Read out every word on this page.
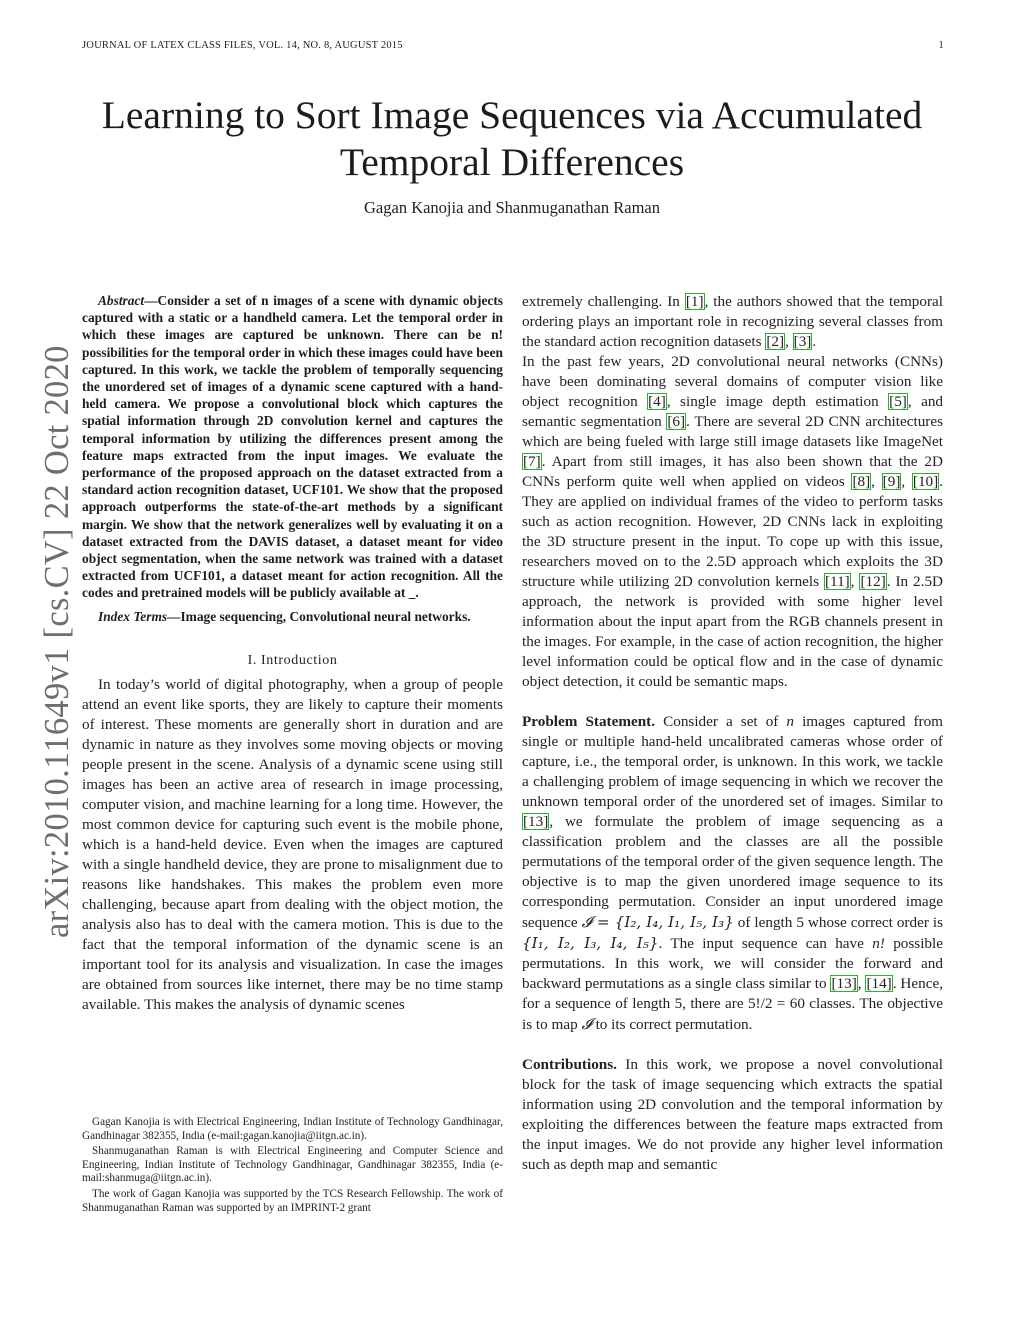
JOURNAL OF LATEX CLASS FILES, VOL. 14, NO. 8, AUGUST 2015	1
Learning to Sort Image Sequences via Accumulated Temporal Differences
Gagan Kanojia and Shanmuganathan Raman
arXiv:2010.11649v1 [cs.CV] 22 Oct 2020

Abstract—Consider a set of n images of a scene with dynamic objects captured with a static or a handheld camera. Let the temporal order in which these images are captured be unknown. There can be n! possibilities for the temporal order in which these images could have been captured. In this work, we tackle the problem of temporally sequencing the unordered set of images of a dynamic scene captured with a hand-held camera. We propose a convolutional block which captures the spatial information through 2D convolution kernel and captures the temporal information by utilizing the differences present among the feature maps extracted from the input images. We evaluate the performance of the proposed approach on the dataset extracted from a standard action recognition dataset, UCF101. We show that the proposed approach outperforms the state-of-the-art methods by a significant margin. We show that the network generalizes well by evaluating it on a dataset extracted from the DAVIS dataset, a dataset meant for video object segmentation, when the same network was trained with a dataset extracted from UCF101, a dataset meant for action recognition. All the codes and pretrained models will be publicly available at _.

Index Terms—Image sequencing, Convolutional neural networks.

I. Introduction

In today’s world of digital photography, when a group of people attend an event like sports, they are likely to capture their moments of interest. These moments are generally short in duration and are dynamic in nature as they involves some moving objects or moving people present in the scene. Analysis of a dynamic scene using still images has been an active area of research in image processing, computer vision, and machine learning for a long time. However, the most common device for capturing such event is the mobile phone, which is a hand-held device. Even when the images are captured with a single handheld device, they are prone to misalignment due to reasons like handshakes. This makes the problem even more challenging, because apart from dealing with the object motion, the analysis also has to deal with the camera motion. This is due to the fact that the temporal information of the dynamic scene is an important tool for its analysis and visualization. In case the images are obtained from sources like internet, there may be no time stamp available. This makes the analysis of dynamic scenes

Gagan Kanojia is with Electrical Engineering, Indian Institute of Technology Gandhinagar, Gandhinagar 382355, India (e-mail:gagan.kanojia@iitgn.ac.in).

Shanmuganathan Raman is with Electrical Engineering and Computer Science and Engineering, Indian Institute of Technology Gandhinagar, Gandhinagar 382355, India (e-mail:shanmuga@iitgn.ac.in).

The work of Gagan Kanojia was supported by the TCS Research Fellowship. The work of Shanmuganathan Raman was supported by an IMPRINT-2 grant

extremely challenging. In [1], the authors showed that the temporal ordering plays an important role in recognizing several classes from the standard action recognition datasets [2], [3].

In the past few years, 2D convolutional neural networks (CNNs) have been dominating several domains of computer vision like object recognition [4], single image depth estimation [5], and semantic segmentation [6]. There are several 2D CNN architectures which are being fueled with large still image datasets like ImageNet [7]. Apart from still images, it has also been shown that the 2D CNNs perform quite well when applied on videos [8], [9], [10]. They are applied on individual frames of the video to perform tasks such as action recognition. However, 2D CNNs lack in exploiting the 3D structure present in the input. To cope up with this issue, researchers moved on to the 2.5D approach which exploits the 3D structure while utilizing 2D convolution kernels [11], [12]. In 2.5D approach, the network is provided with some higher level information about the input apart from the RGB channels present in the images. For example, in the case of action recognition, the higher level information could be optical flow and in the case of dynamic object detection, it could be semantic maps.

Problem Statement. Consider a set of n images captured from single or multiple hand-held uncalibrated cameras whose order of capture, i.e., the temporal order, is unknown. In this work, we tackle a challenging problem of image sequencing in which we recover the unknown temporal order of the unordered set of images. Similar to [13], we formulate the problem of image sequencing as a classification problem and the classes are all the possible permutations of the temporal order of the given sequence length. The objective is to map the given unordered image sequence to its corresponding permutation. Consider an input unordered image sequence 𝓘 = {I₂, I₄, I₁, I₅, I₃} of length 5 whose correct order is {I₁, I₂, I₃, I₄, I₅}. The input sequence can have n! possible permutations. In this work, we will consider the forward and backward permutations as a single class similar to [13], [14]. Hence, for a sequence of length 5, there are 5!/2 = 60 classes. The objective is to map 𝓘 to its correct permutation.

Contributions. In this work, we propose a novel convolutional block for the task of image sequencing which extracts the spatial information using 2D convolution and the temporal information by exploiting the differences between the feature maps extracted from the input images. We do not provide any higher level information such as depth map and semantic
